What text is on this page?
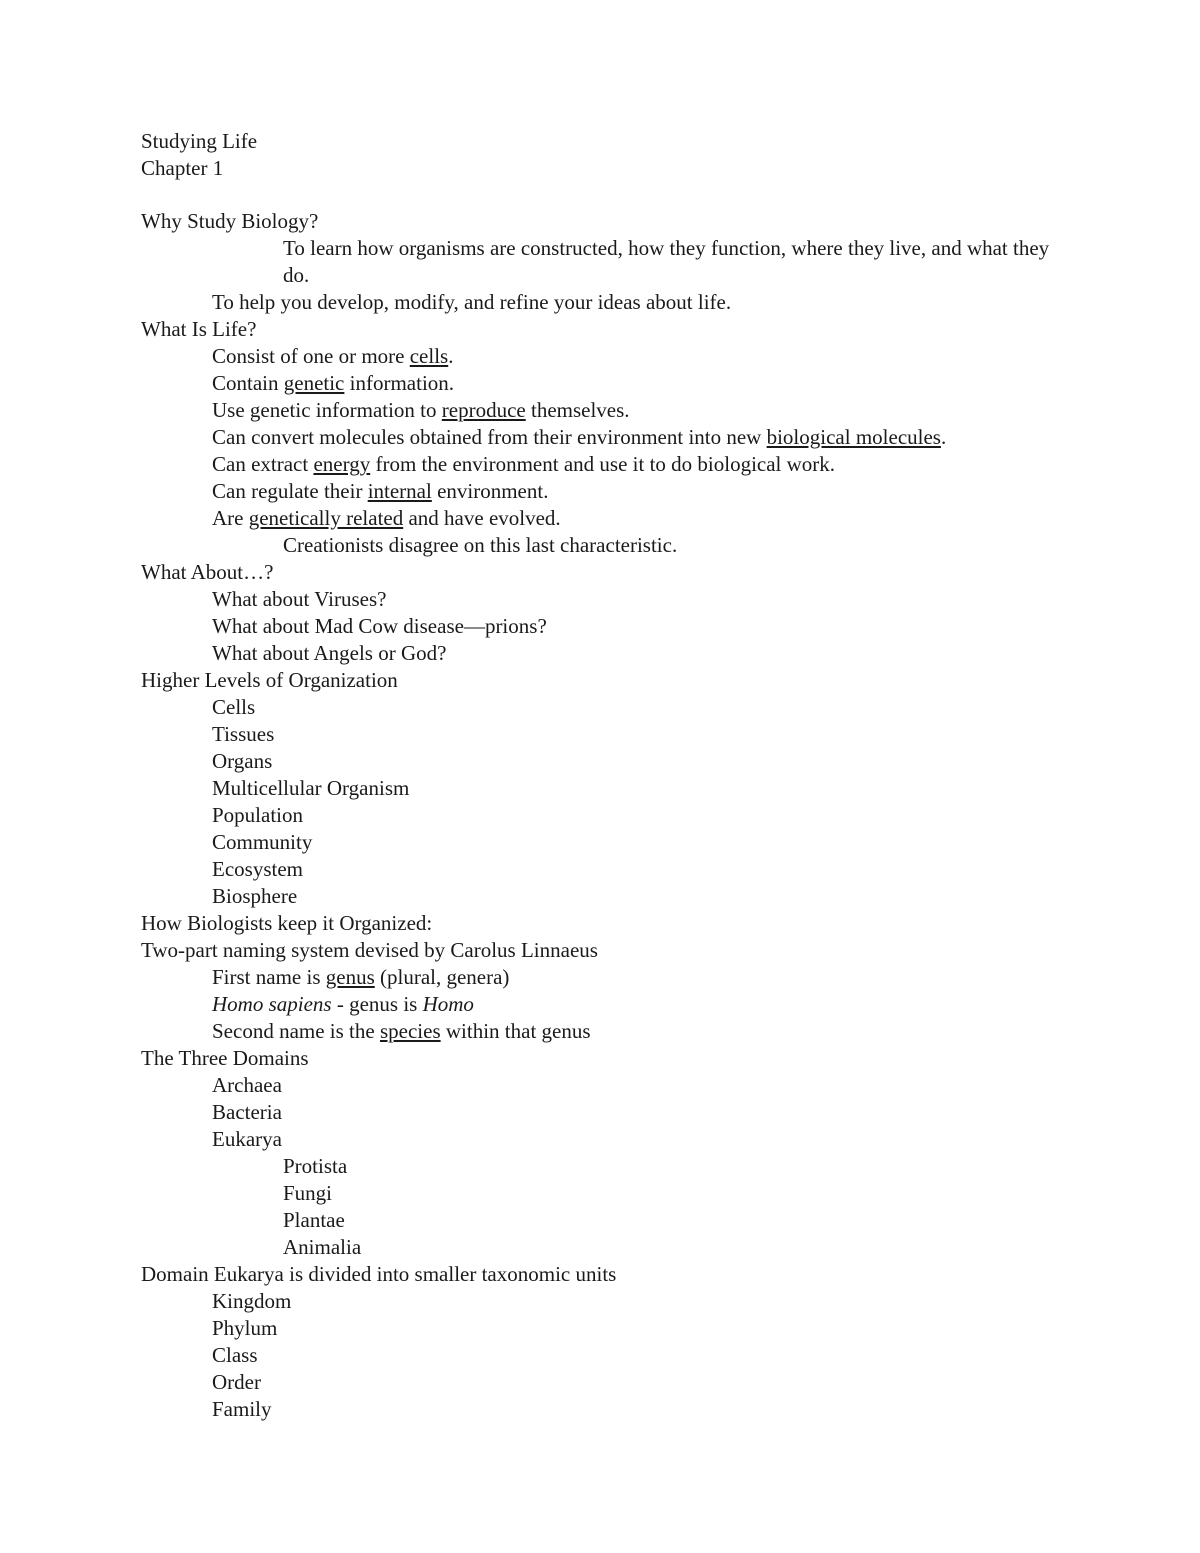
Studying Life

Chapter 1

Why Study Biology?

To learn how organisms are constructed, how they function, where they live, and what they do.

To help you develop, modify, and refine your ideas about life.

What Is Life?

Consist of one or more cells.

Contain genetic information.

Use genetic information to reproduce themselves.

Can convert molecules obtained from their environment into new biological molecules.

Can extract energy from the environment and use it to do biological work.

Can regulate their internal environment.

Are genetically related and have evolved.

Creationists disagree on this last characteristic.

What About…?

What about Viruses?

What about Mad Cow disease—prions?

What about Angels or God?

Higher Levels of Organization

Cells

Tissues

Organs

Multicellular Organism

Population

Community

Ecosystem

Biosphere

How Biologists keep it Organized:

Two-part naming system devised by Carolus Linnaeus

First name is genus (plural, genera)

Homo sapiens - genus is Homo

Second name is the species within that genus

The Three Domains

Archaea

Bacteria

Eukarya

Protista

Fungi

Plantae

Animalia

Domain Eukarya is divided into smaller taxonomic units

Kingdom

Phylum

Class

Order

Family
